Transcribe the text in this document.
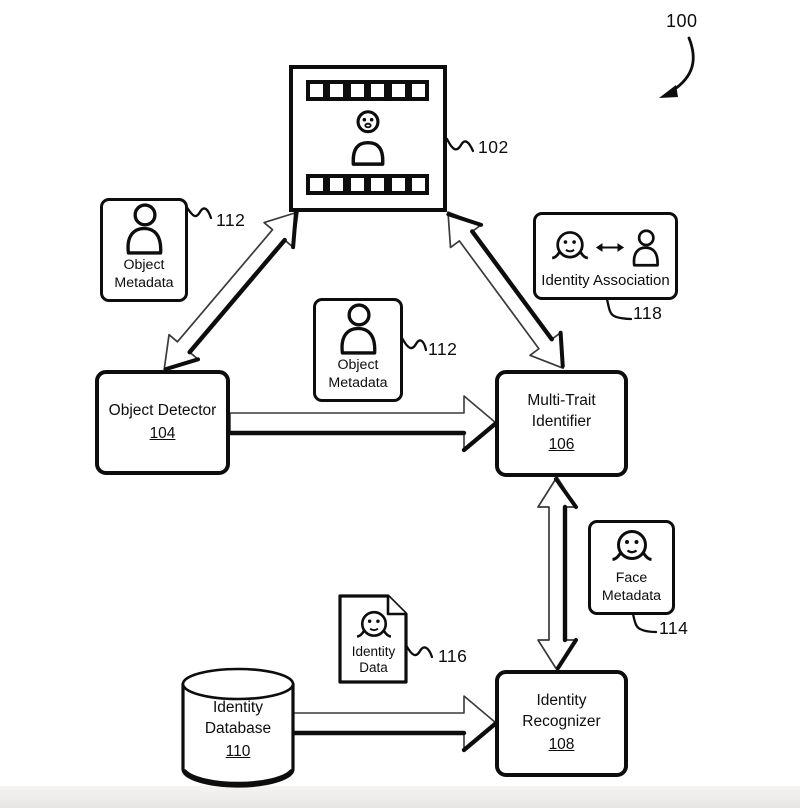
Object Metadata	Identity Association
Object Metadata
Object Detector
104
Multi-Trait Identifier
106
Face Metadata
Identity Data
Identity Database
110
Identity Recognizer
108
100
102
112
118
112
114
116
